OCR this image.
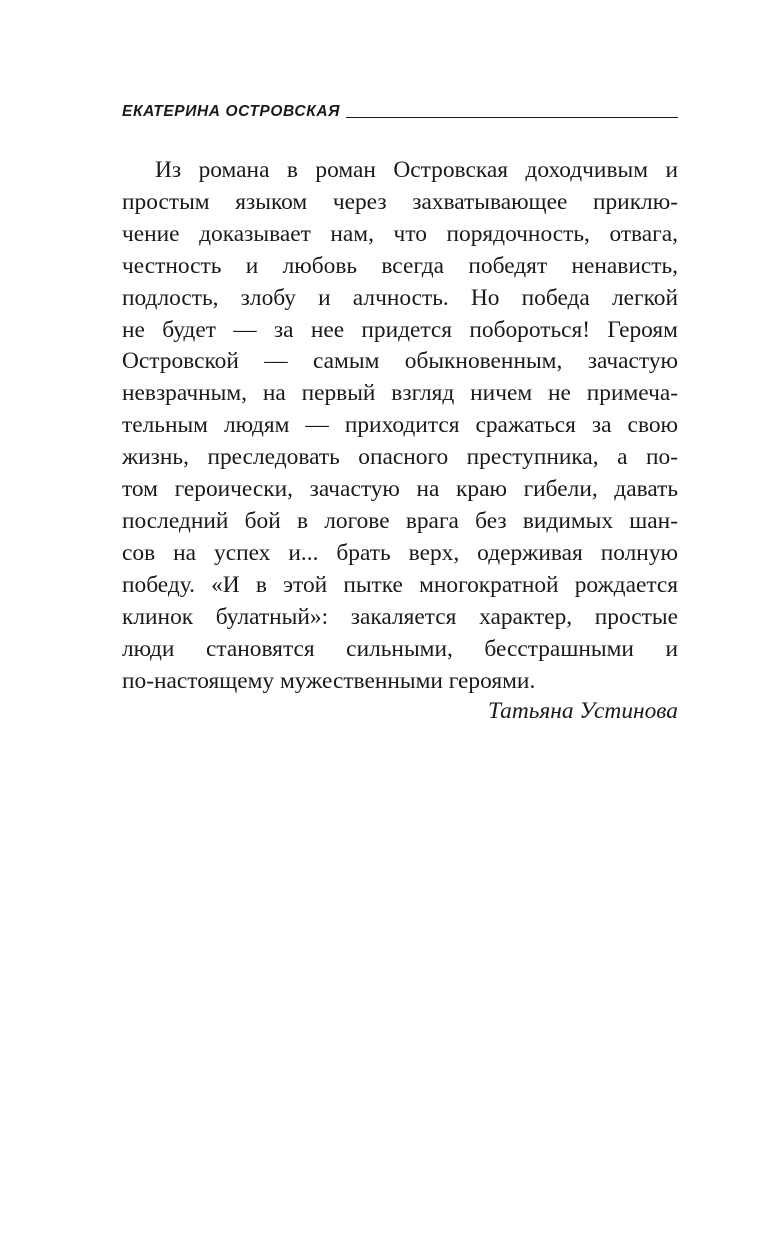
ЕКАТЕРИНА ОСТРОВСКАЯ
Из романа в роман Островская доходчивым и
простым языком через захватывающее приклю-
чение доказывает нам, что порядочность, отвага,
честность и любовь всегда победят ненависть,
подлость, злобу и алчность. Но победа легкой
не будет — за нее придется побороться! Героям
Островской — самым обыкновенным, зачастую
невзрачным, на первый взгляд ничем не примеча-
тельным людям — приходится сражаться за свою
жизнь, преследовать опасного преступника, а по-
том героически, зачастую на краю гибели, давать
последний бой в логове врага без видимых шан-
сов на успех и... брать верх, одерживая полную
победу. «И в этой пытке многократной рождается
клинок булатный»: закаляется характер, простые
люди становятся сильными, бесстрашными и
по-настоящему мужественными героями.
Татьяна Устинова
